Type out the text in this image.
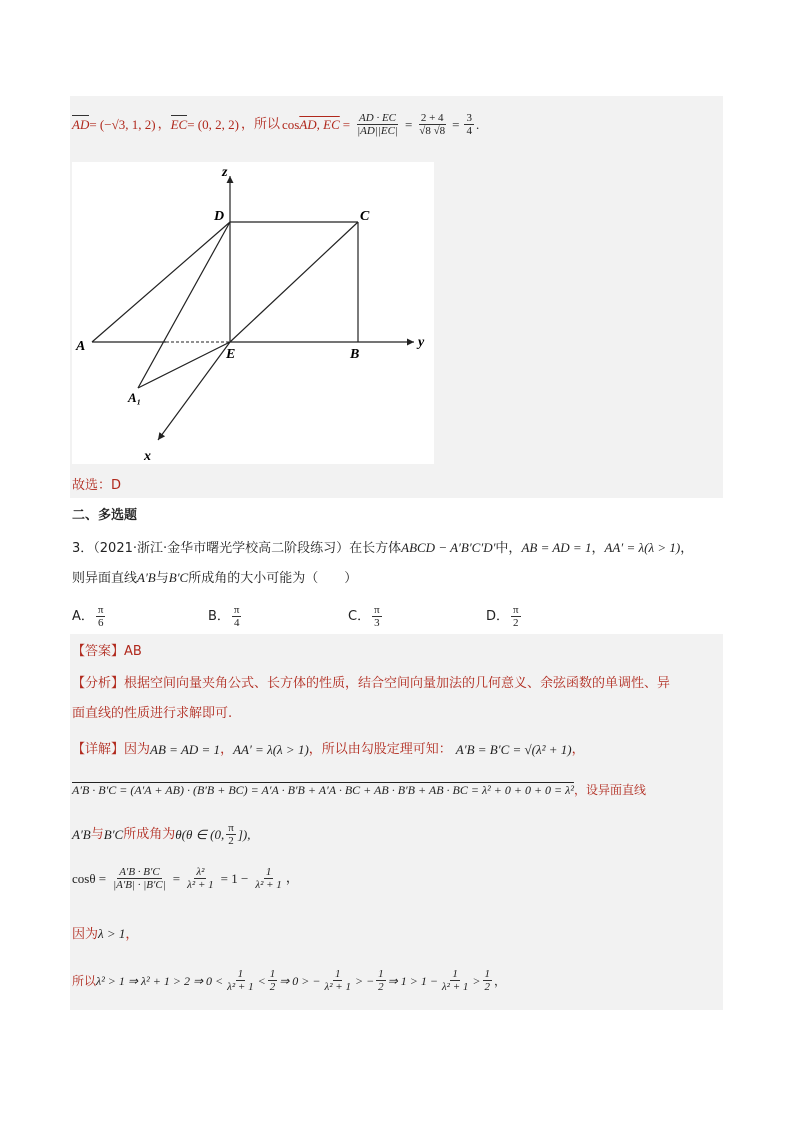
AD = (−√3, 1, 2) ， EC = (0, 2, 2) ，所以 cos AD, EC = $\frac{AD \cdot EC}{|AD||EC|} = \frac{2 + 4}{√8 √8} = \frac{3}{4}$ .
z
y
x
D	C
A
E	B
A₁
故选：D
二、多选题
3．（2021·浙江·金华市曙光学校高二阶段练习）在长方体ABCD − A′B′C′D′中，AB = AD = 1，AA′ = λ(λ > 1)，
则异面直线A′B与B′C所成角的大小可能为（　　）
A． $\frac{\pi}{6}$	B． $\frac{\pi}{4}$	C． $\frac{\pi}{3}$	D． $\frac{\pi}{2}$
【答案】AB
【分析】根据空间向量夹角公式、长方体的性质，结合空间向量加法的几何意义、余弦函数的单调性、异
面直线的性质进行求解即可.
【详解】 因为 AB = AD = 1 ， AA′ = λ(λ > 1) ，所以由勾股定理可知： A′B = B′C = √(λ² + 1) ，
A′B · B′C = (A′A + AB) · (B′B + BC) = A′A · B′B + A′A · BC + AB · B′B + AB · BC = λ² + 0 + 0 + 0 = λ²，设异面直线
A′B 与 B′C 所成角为 θ(θ ∈ (0, $\frac{\pi}{2}$ ]),
$\cos\theta = \frac{A'B \cdot B'C}{|A'B| \cdot |B'C|} = \frac{\text{λ²}}{\text{λ² + 1}} = 1 - \frac{1}{\text{λ² + 1}}$ ，
因为λ > 1，
所以 λ² > 1 ⇒ λ² + 1 > 2 ⇒ $0 < \frac{1}{\text{λ² + 1}} < \frac{1}{2}$ ⇒ 0 > − $\frac{1}{\text{λ² + 1}}$ > − $\frac{1}{2}$ ⇒ $1 > 1 - \frac{1}{\text{λ² + 1}} > \frac{1}{2}$ ，
